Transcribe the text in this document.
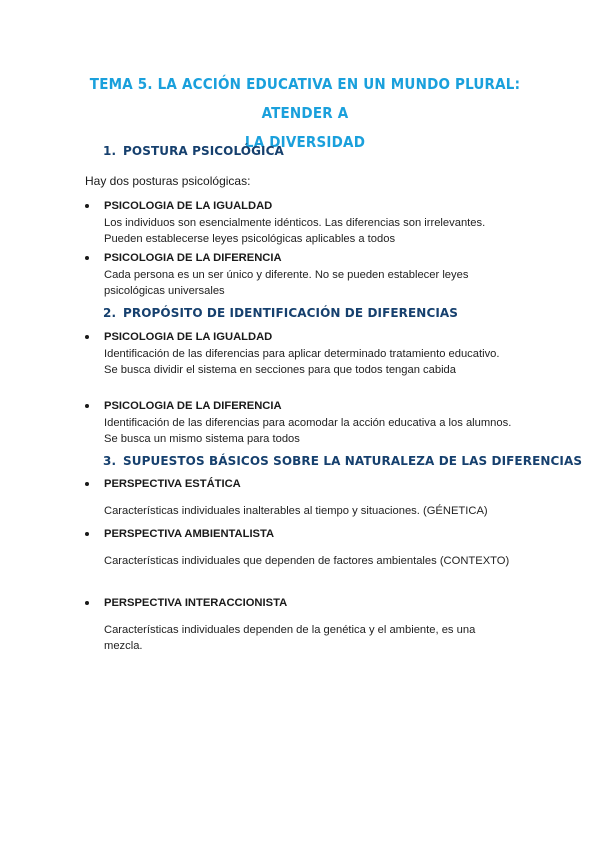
TEMA 5. LA ACCIÓN EDUCATIVA EN UN MUNDO PLURAL: ATENDER A
LA DIVERSIDAD
1. POSTURA PSICOLÓGICA
Hay dos posturas psicológicas:
PSICOLOGIA DE LA IGUALDAD
Los individuos son esencialmente idénticos. Las diferencias son irrelevantes. Pueden establecerse leyes psicológicas aplicables a todos
PSICOLOGIA DE LA DIFERENCIA
Cada persona es un ser único y diferente. No se pueden establecer leyes psicológicas universales
2. PROPÓSITO DE IDENTIFICACIÓN DE DIFERENCIAS
PSICOLOGIA DE LA IGUALDAD
Identificación de las diferencias para aplicar determinado tratamiento educativo. Se busca dividir el sistema en secciones para que todos tengan cabida
PSICOLOGIA DE LA DIFERENCIA
Identificación de las diferencias para acomodar la acción educativa a los alumnos. Se busca un mismo sistema para todos
3. SUPUESTOS BÁSICOS SOBRE LA NATURALEZA DE LAS DIFERENCIAS
PERSPECTIVA ESTÁTICA
Características individuales inalterables al tiempo y situaciones. (GÉNETICA)
PERSPECTIVA AMBIENTALISTA
Características individuales que dependen de factores ambientales (CONTEXTO)
PERSPECTIVA INTERACCIONISTA
Características individuales dependen de la genética y el ambiente, es una mezcla.
